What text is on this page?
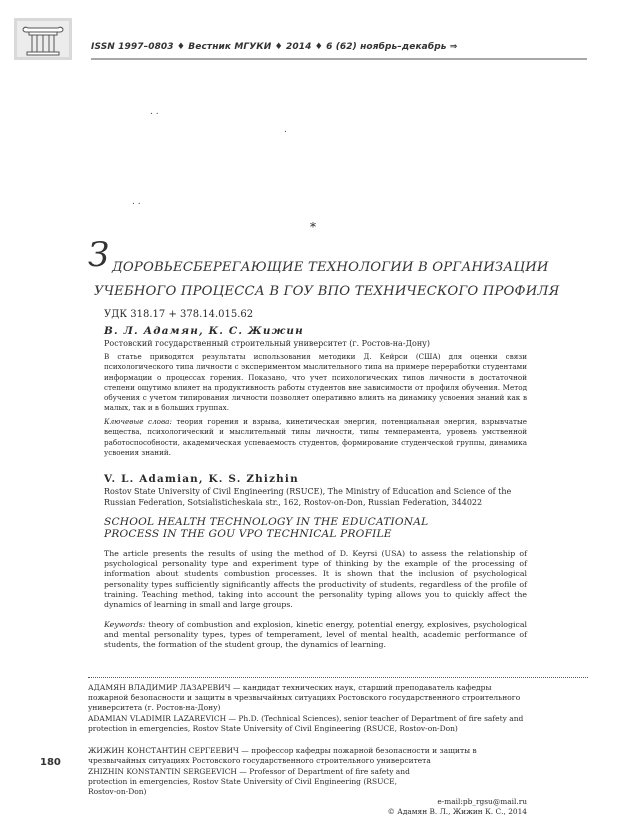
ISSN 1997–0803 ♦ Вестник МГУКИ ♦ 2014 ♦ 6 (62) ноябрь–декабрь ⇒
. .
.
. .
*
З ДОРОВЬЕСБЕРЕГАЮЩИЕ ТЕХНОЛОГИИ В ОРГАНИЗАЦИИ
УЧЕБНОГО ПРОЦЕССА В ГОУ ВПО ТЕХНИЧЕСКОГО ПРОФИЛЯ
УДК 318.17 + 378.14.015.62
В. Л. Адамян, К. С. Жижин
Ростовский государственный строительный университет (г. Ростов-на-Дону)
В статье приводятся результаты использования методики Д. Кейрси (США) для оценки связи психологического типа личности с экспериментом мыслительного типа на примере переработки студентами информации о процессах горения. Показано, что учет психологических типов личности в достаточной степени ощутимо влияет на продуктивность работы студентов вне зависимости от профиля обучения. Метод обучения с учетом типирования личности позволяет оперативно влиять на динамику усвоения знаний как в малых, так и в больших группах.
Ключевые слова: теория горения и взрыва, кинетическая энергия, потенциальная энергия, взрывчатые вещества, психологический и мыслительный типы личности, типы темперамента, уровень умственной работоспособности, академическая успеваемость студентов, формирование студенческой группы, динамика усвоения знаний.
V. L. Adamian, K. S. Zhizhin
Rostov State University of Civil Engineering (RSUCE), The Ministry of Education and Science of the Russian Federation, Sotsialisticheskaia str., 162, Rostov-on-Don, Russian Federation, 344022
SCHOOL HEALTH TECHNOLOGY IN THE EDUCATIONAL
PROCESS IN THE GOU VPO TECHNICAL PROFILE
The article presents the results of using the method of D. Keyrsi (USA) to assess the relationship of psychological personality type and experiment type of thinking by the example of the processing of information about students combustion processes. It is shown that the inclusion of psychological personality types sufficiently significantly affects the productivity of students, regardless of the profile of training. Teaching method, taking into account the personality typing allows you to quickly affect the dynamics of learning in small and large groups.
Keywords: theory of combustion and explosion, kinetic energy, potential energy, explosives, psychological and mental personality types, types of temperament, level of mental health, academic performance of students, the formation of the student group, the dynamics of learning.
АДАМЯН ВЛАДИМИР ЛАЗАРЕВИЧ — кандидат технических наук, старший преподаватель кафедры пожарной безопасности и защиты в чрезвычайных ситуациях Ростовского государственного строительного университета (г. Ростов-на-Дону)
ADAMIAN VLADIMIR LAZAREVICH — Ph.D. (Technical Sciences), senior teacher of Department of fire safety and protection in emergencies, Rostov State University of Civil Engineering (RSUCE, Rostov-on-Don)
ЖИЖИН КОНСТАНТИН СЕРГЕЕВИЧ — профессор кафедры пожарной безопасности и защиты в чрезвычайных ситуациях Ростовского государственного строительного университета
ZHIZHIN KONSTANTIN SERGEEVICH — Professor of Department of fire safety and protection in emergencies, Rostov State University of Civil Engineering (RSUCE, Rostov-on-Don)
e-mail:pb_rgsu@mail.ru
© Адамян В. Л., Жижин К. С., 2014
180
